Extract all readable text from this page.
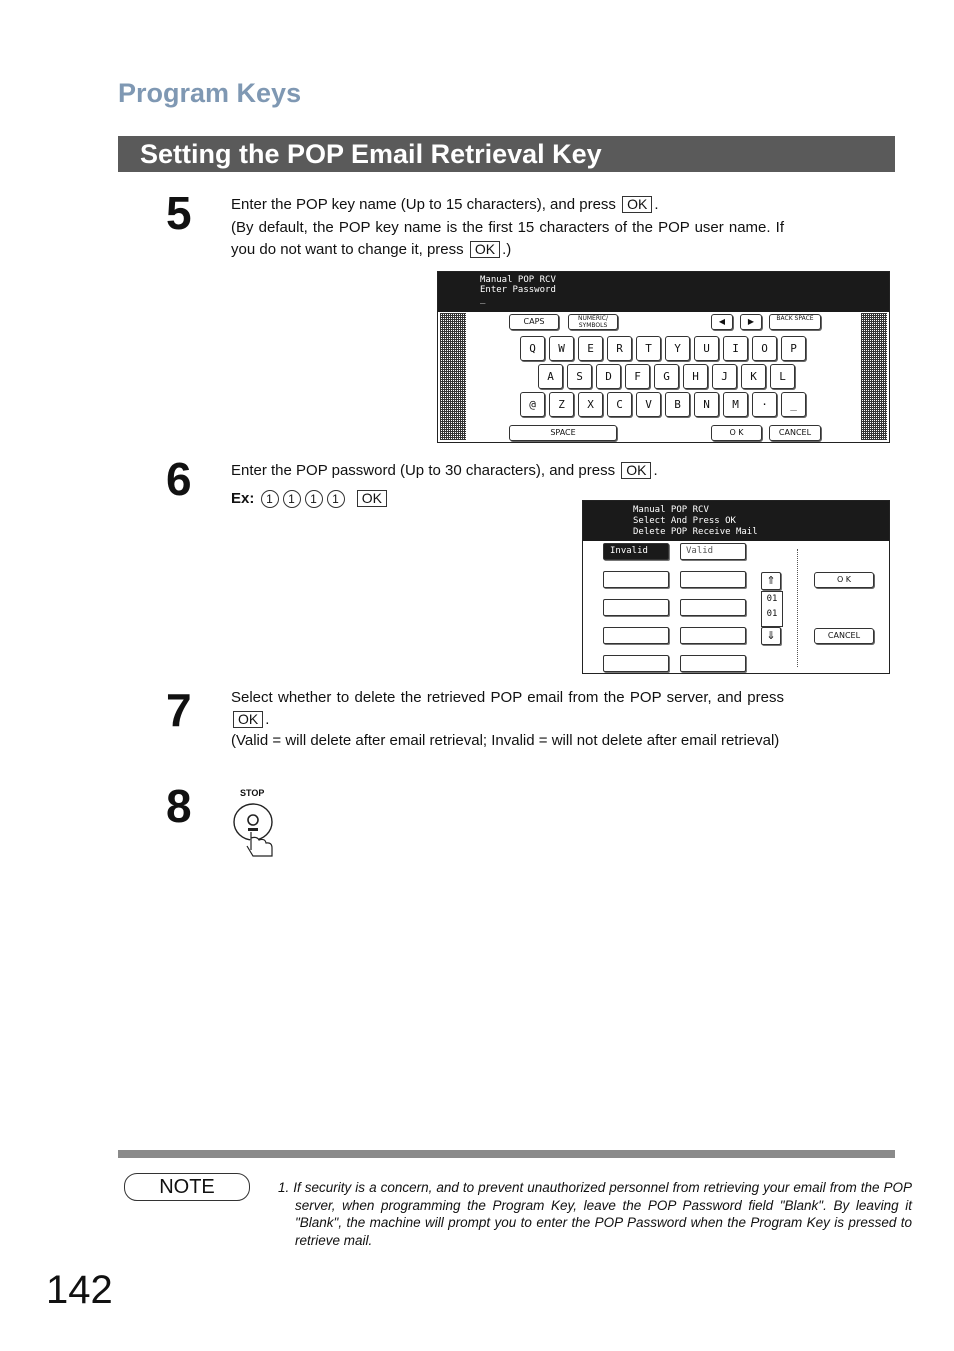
Program Keys
Setting the POP Email Retrieval Key
5	Enter the POP key name (Up to 15 characters), and press OK .
(By default, the POP key name is the first 15 characters of the POP user name. If you do not want to change it, press OK .)
Manual POP RCV
Enter Password
_
CAPS	NUMERIC/ SYMBOLS	◀	▶	BACK SPACE
Q	W	E	R	T	Y	U	I	O	P
A	S	D	F	G	H	J	K	L
@	Z	X	C	V	B	N	M	·	_
SPACE	O K	CANCEL
6	Enter the POP password (Up to 30 characters), and press OK .
Ex: 1 1 1 1 OK
Manual POP RCV
Select And Press OK
Delete POP Receive Mail
Invalid	Valid
⇑
01
01
⇓
O K
CANCEL
7	Select whether to delete the retrieved POP email from the POP server, and press OK .

(Valid = will delete after email retrieval; Invalid = will not delete after email retrieval)
8	STOP
NOTE	1. If security is a concern, and to prevent unauthorized personnel from retrieving your email from the POP server, when programming the Program Key, leave the POP Password field "Blank". By leaving it "Blank", the machine will prompt you to enter the POP Password when the Program Key is pressed to retrieve mail.
142
